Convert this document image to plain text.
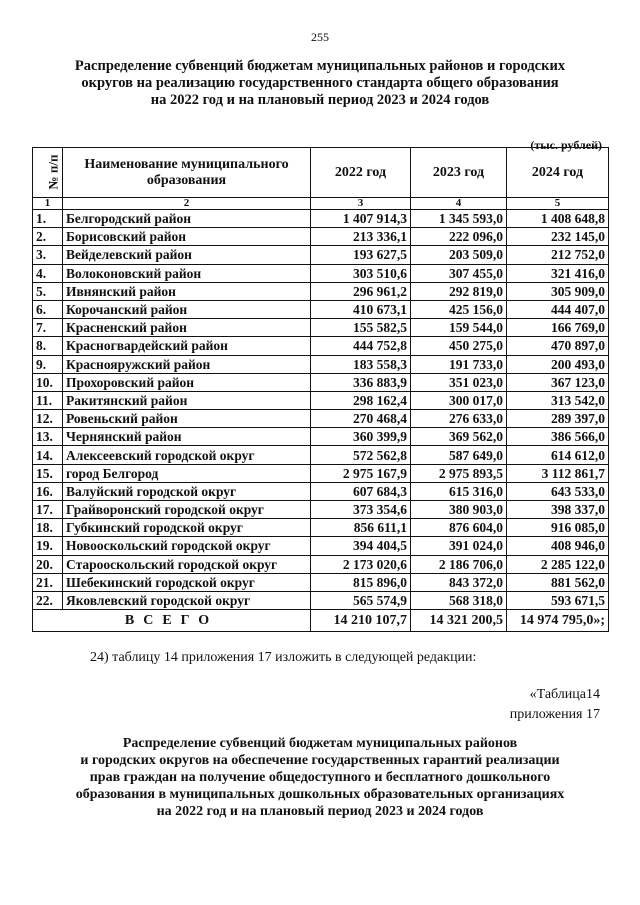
255
Распределение субвенций бюджетам муниципальных районов и городских
округов на реализацию государственного стандарта общего образования
на 2022 год и на плановый период 2023 и 2024 годов
(тыс. рублей)
№ п/п	Наименование муниципального образования	2022 год	2023 год	2024 год
1	2	3	4	5
1.	Белгородский район	1 407 914,3	1 345 593,0	1 408 648,8
2.	Борисовский район	213 336,1	222 096,0	232 145,0
3.	Вейделевский район	193 627,5	203 509,0	212 752,0
4.	Волоконовский район	303 510,6	307 455,0	321 416,0
5.	Ивнянский район	296 961,2	292 819,0	305 909,0
6.	Корочанский район	410 673,1	425 156,0	444 407,0
7.	Красненский район	155 582,5	159 544,0	166 769,0
8.	Красногвардейский район	444 752,8	450 275,0	470 897,0
9.	Краснояружский район	183 558,3	191 733,0	200 493,0
10.	Прохоровский район	336 883,9	351 023,0	367 123,0
11.	Ракитянский район	298 162,4	300 017,0	313 542,0
12.	Ровеньский район	270 468,4	276 633,0	289 397,0
13.	Чернянский район	360 399,9	369 562,0	386 566,0
14.	Алексеевский городской округ	572 562,8	587 649,0	614 612,0
15.	город Белгород	2 975 167,9	2 975 893,5	3 112 861,7
16.	Валуйский городской округ	607 684,3	615 316,0	643 533,0
17.	Грайворонский городской округ	373 354,6	380 903,0	398 337,0
18.	Губкинский городской округ	856 611,1	876 604,0	916 085,0
19.	Новооскольский городской округ	394 404,5	391 024,0	408 946,0
20.	Старооскольский городской округ	2 173 020,6	2 186 706,0	2 285 122,0
21.	Шебекинский городской округ	815 896,0	843 372,0	881 562,0
22.	Яковлевский городской округ	565 574,9	568 318,0	593 671,5
ВСЕГО		14 210 107,7	14 321 200,5	14 974 795,0»;
24) таблицу 14 приложения 17 изложить в следующей редакции:
«Таблица14
приложения 17
Распределение субвенций бюджетам муниципальных районов
и городских округов на обеспечение государственных гарантий реализации
прав граждан на получение общедоступного и бесплатного дошкольного
образования в муниципальных дошкольных образовательных организациях
на 2022 год и на плановый период 2023 и 2024 годов
